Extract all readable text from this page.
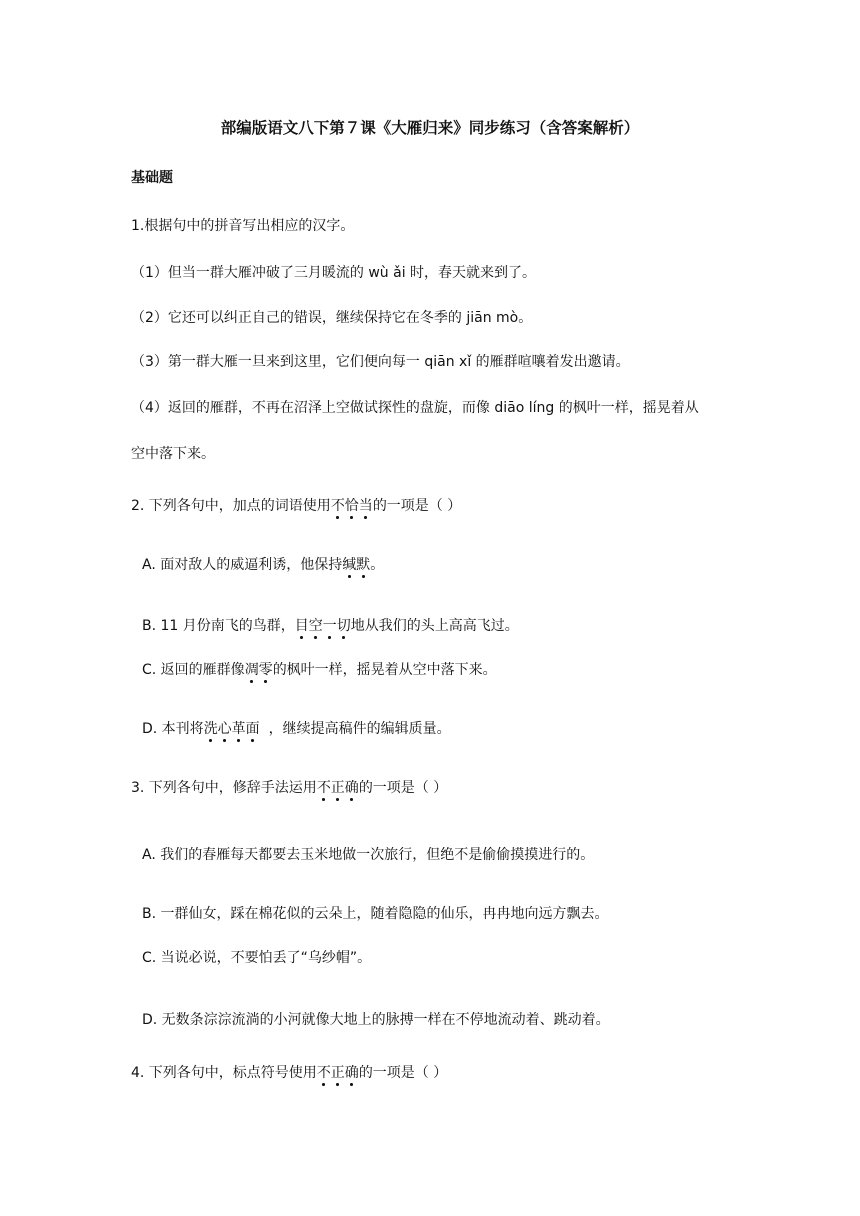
部编版语文八下第７课《大雁归来》同步练习（含答案解析）
基础题
1.根据句中的拼音写出相应的汉字。
（1）但当一群大雁冲破了三月暖流的 wù ǎi 时，春天就来到了。
（2）它还可以纠正自己的错误，继续保持它在冬季的 jiān mò。
（3）第一群大雁一旦来到这里，它们便向每一 qiān xǐ 的雁群喧嚷着发出邀请。
（4）返回的雁群，不再在沼泽上空做试探性的盘旋，而像 diāo líng 的枫叶一样，摇晃着从
空中落下来。
2. 下列各句中，加点的词语使用不恰当
的一项是（ ）
A. 面对敌人的威逼利诱，他保持缄默
。
B. 11 月份南飞的鸟群，目空一切
地从我们的头上高高飞过。
C. 返回的雁群像凋零
的枫叶一样，摇晃着从空中落下来。
D. 本刊将洗心革面
，继续提高稿件的编辑质量。
3. 下列各句中，修辞手法运用不正确
的一项是（ ）
A. 我们的春雁每天都要去玉米地做一次旅行，但绝不是偷偷摸摸进行的。
B. 一群仙女，踩在棉花似的云朵上，随着隐隐的仙乐，冉冉地向远方飘去。
C. 当说必说，不要怕丢了“乌纱帽”。
D. 无数条淙淙流淌的小河就像大地上的脉搏一样在不停地流动着、跳动着。
4. 下列各句中，标点符号使用不正确
的一项是（ ）
